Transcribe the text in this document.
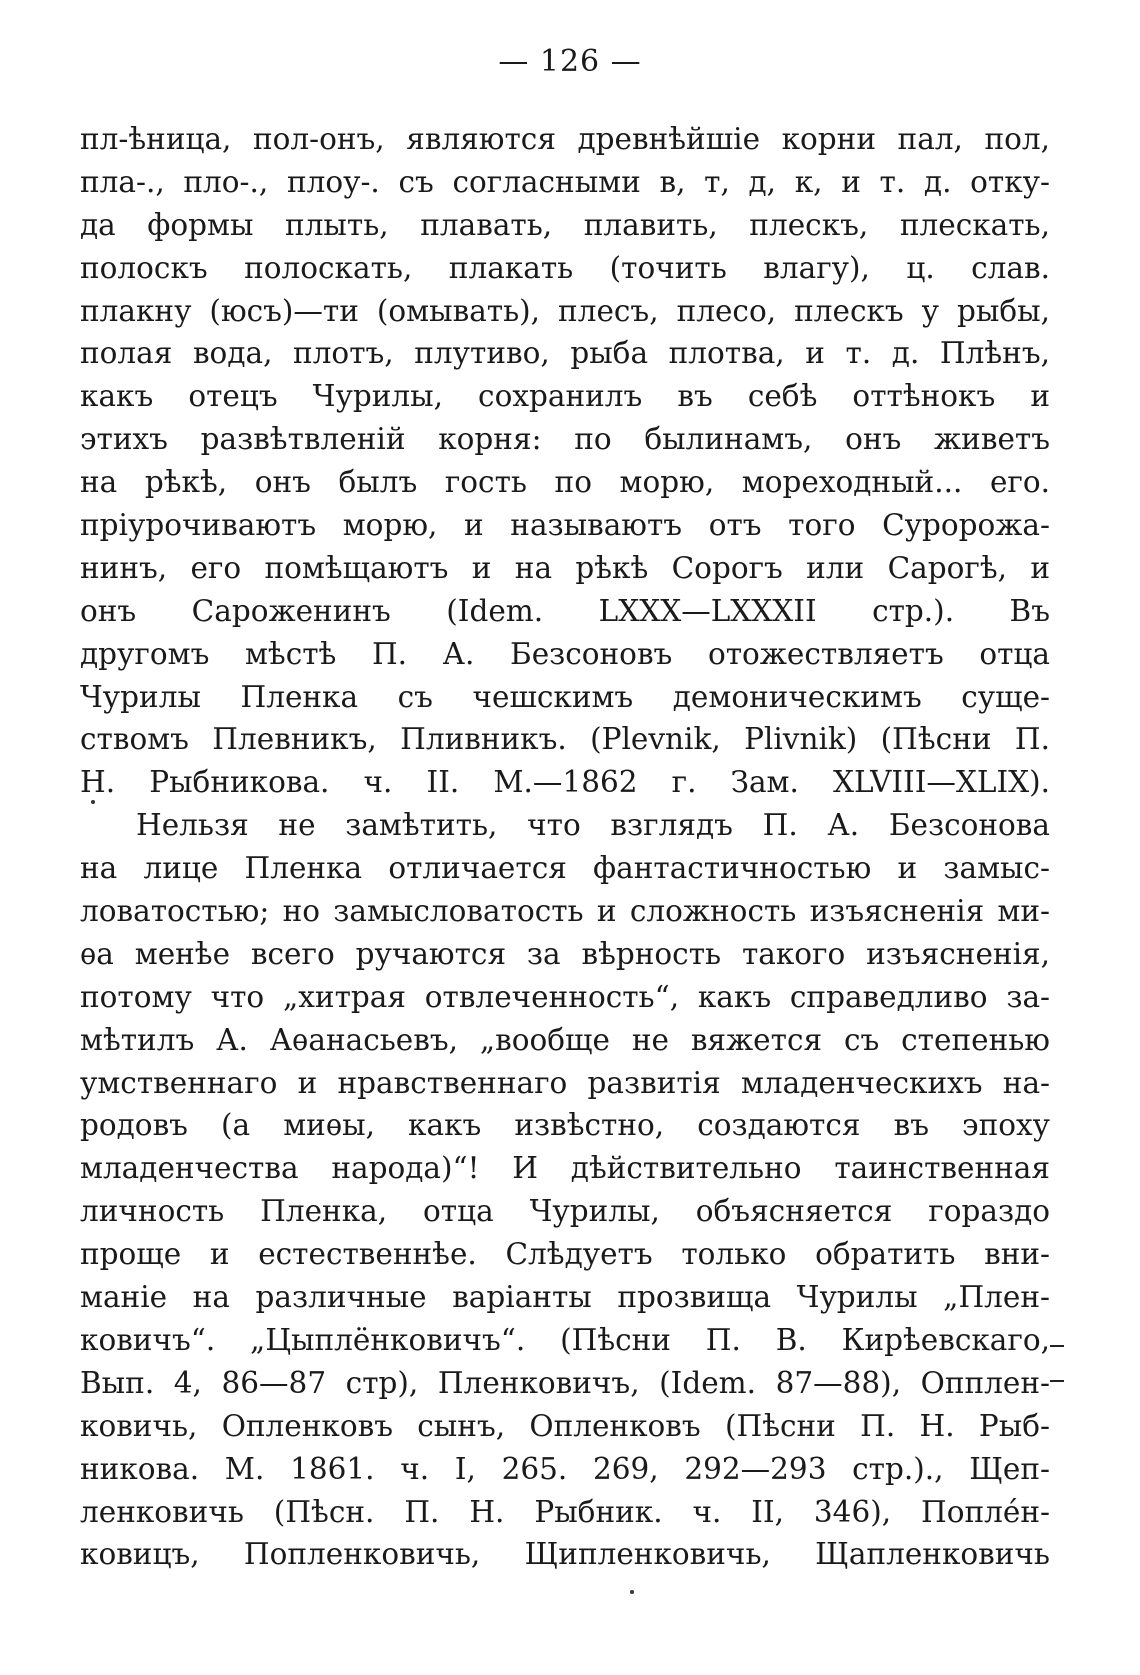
— 126 —
пл-ѣница, пол-онъ, являются древнѣйшіе корни пал, пол,
пла-., пло-., плоу-. съ согласными в, т, д, к, и т. д. отку-
да формы плыть, плавать, плавить, плескъ, плескать,
полоскъ полоскать, плакать (точить влагу), ц. слав.
плакну (юсъ)—ти (омывать), плесъ, плесо, плескъ у рыбы,
полая вода, плотъ, плутиво, рыба плотва, и т. д. Плѣнъ,
какъ отецъ Чурилы, сохранилъ въ себѣ оттѣнокъ и
этихъ развѣтвленій корня: по былинамъ, онъ живетъ
на рѣкѣ, онъ былъ гость по морю, мореходный... его.
пріурочиваютъ морю, и называютъ отъ того Суророжа-
нинъ, его помѣщаютъ и на рѣкѣ Сорогъ или Сарогѣ, и
онъ Сароженинъ (Idem. LXXX—LXXXII стр.). Въ
другомъ мѣстѣ П. А. Безсоновъ отожествляетъ отца
Чурилы Пленка съ чешскимъ демоническимъ суще-
ствомъ Плевникъ, Пливникъ. (Plevnik, Plivnik) (Пѣсни П.
Н. Рыбникова. ч. II. М.—1862 г. Зам. XLVIII—XLIX).
Нельзя не замѣтить, что взглядъ П. А. Безсонова
на лице Пленка отличается фантастичностью и замыс-
ловатостью; но замысловатость и сложность изъясненія ми-
ѳа менѣе всего ручаются за вѣрность такого изъясненія,
потому что „хитрая отвлеченность“, какъ справедливо за-
мѣтилъ А. Аѳанасьевъ, „вообще не вяжется съ степенью
умственнаго и нравственнаго развитія младенческихъ на-
родовъ (а миѳы, какъ извѣстно, создаются въ эпоху
младенчества народа)“! И дѣйствительно таинственная
личность Пленка, отца Чурилы, объясняется гораздо
проще и естественнѣе. Слѣдуетъ только обратить вни-
маніе на различные варіанты прозвища Чурилы „Плен-
ковичъ“. „Цыплёнковичъ“. (Пѣсни П. В. Кирѣевскаго,
Вып. 4, 86—87 стр), Пленковичъ, (Idem. 87—88), Опплен-
ковичь, Опленковъ сынъ, Опленковъ (Пѣсни П. Н. Рыб-
никова. М. 1861. ч. I, 265. 269, 292—293 стр.)., Щеп-
ленковичь (Пѣсн. П. Н. Рыбник. ч. II, 346), Поплéн-
ковицъ, Попленковичь, Щипленковичь, Щапленковичь
